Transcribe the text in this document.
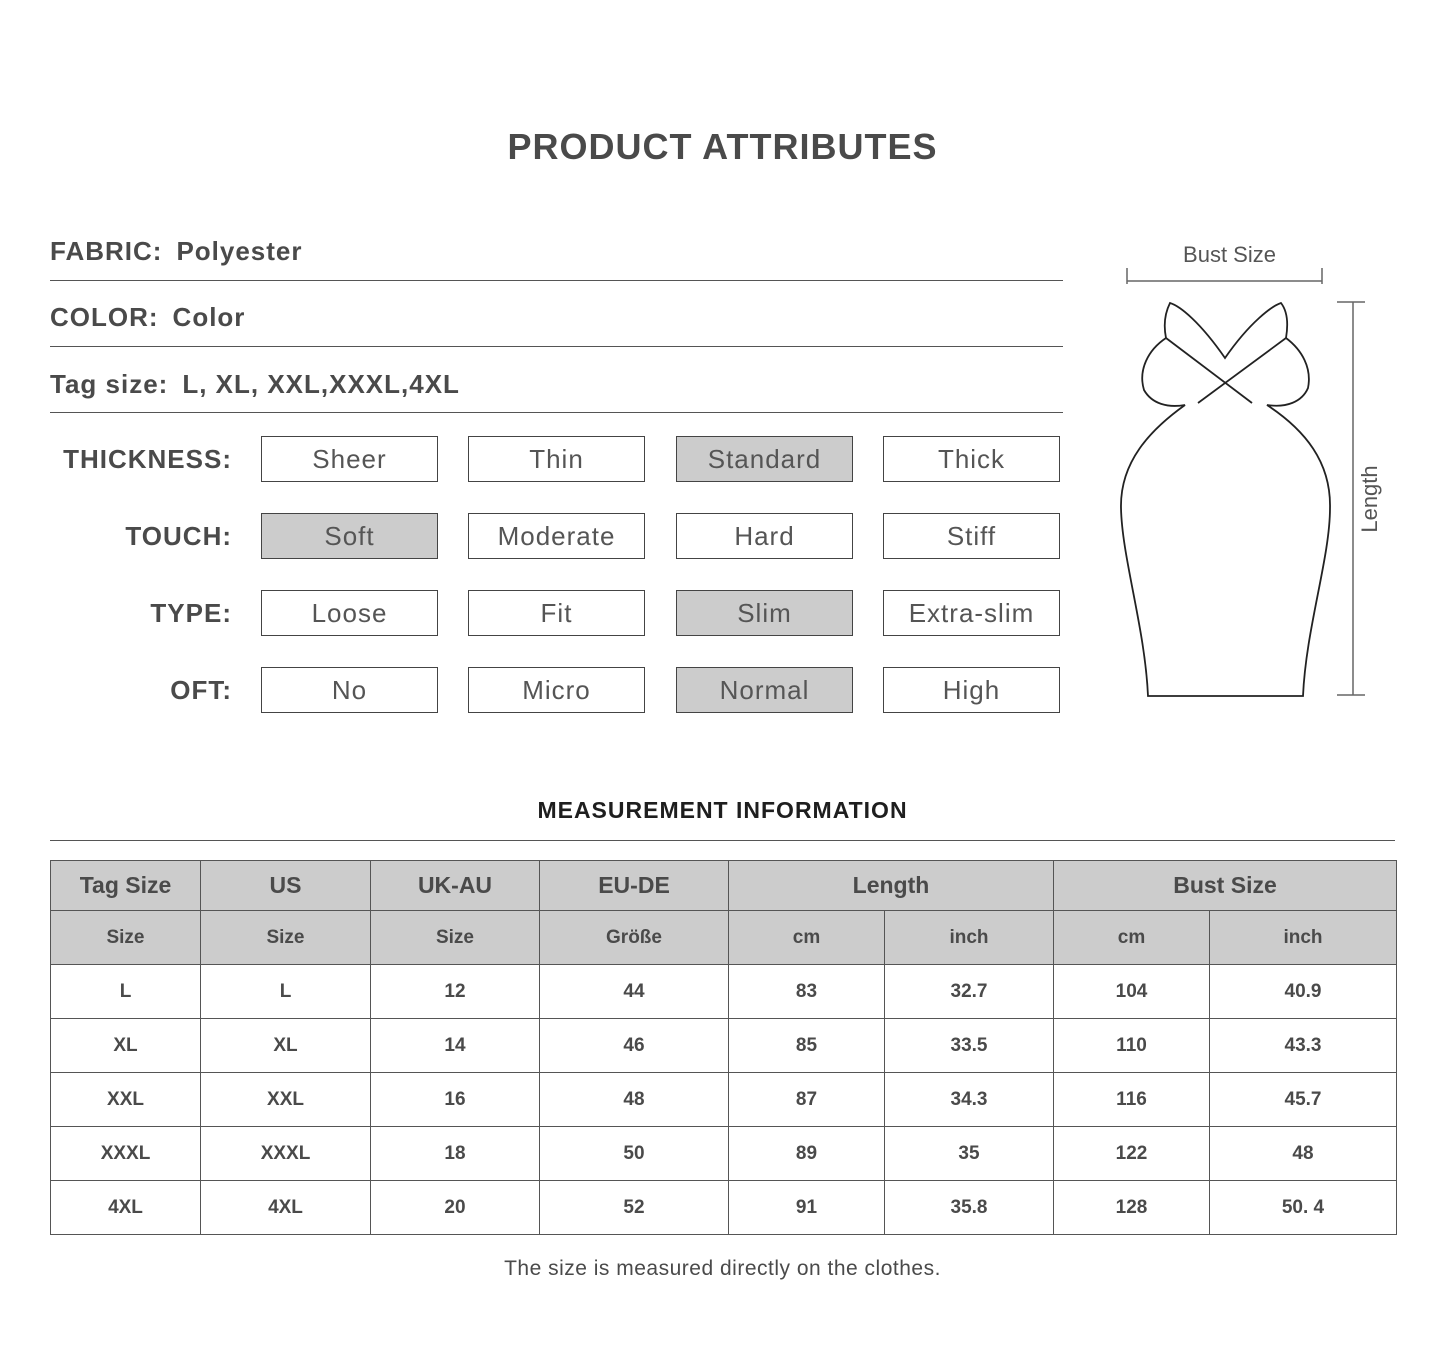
PRODUCT ATTRIBUTES
FABRIC: Polyester
COLOR: Color
Tag size: L, XL, XXL,XXXL,4XL
THICKNESS:	Sheer	Thin	Standard	Thick
TOUCH:	Soft	Moderate	Hard	Stiff
TYPE:	Loose	Fit	Slim	Extra-slim
OFT:	No	Micro	Normal	High
Bust Size
Length
MEASUREMENT INFORMATION
Tag Size	US	UK-AU	EU-DE	Length		Bust Size	
Size	Size	Size	Größe	cm	inch	cm	inch
L	L	12	44	83	32.7	104	40.9
XL	XL	14	46	85	33.5	110	43.3
XXL	XXL	16	48	87	34.3	116	45.7
XXXL	XXXL	18	50	89	35	122	48
4XL	4XL	20	52	91	35.8	128	50. 4
The size is measured directly on the clothes.
